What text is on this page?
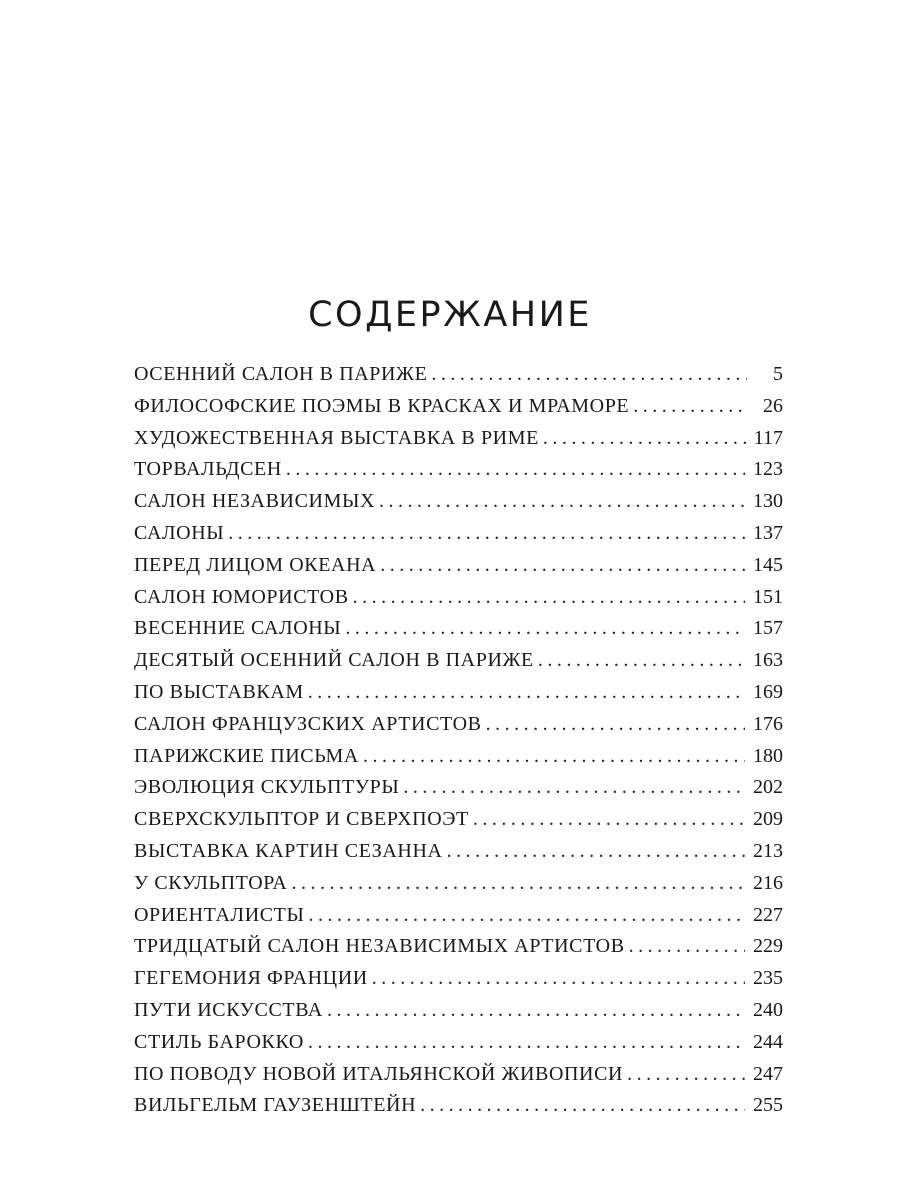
СОДЕРЖАНИЕ
ОСЕННИЙ САЛОН В ПАРИЖЕ . . .	5
ФИЛОСОФСКИЕ ПОЭМЫ В КРАСКАХ И МРАМОРЕ . . .	26
ХУДОЖЕСТВЕННАЯ ВЫСТАВКА В РИМЕ . . .	117
ТОРВАЛЬДСЕН . . .	123
САЛОН НЕЗАВИСИМЫХ . . .	130
САЛОНЫ . . .	137
ПЕРЕД ЛИЦОМ ОКЕАНА . . .	145
САЛОН ЮМОРИСТОВ . . .	151
ВЕСЕННИЕ САЛОНЫ . . .	157
ДЕСЯТЫЙ ОСЕННИЙ САЛОН В ПАРИЖЕ . . .	163
ПО ВЫСТАВКАМ . . .	169
САЛОН ФРАНЦУЗСКИХ АРТИСТОВ . . .	176
ПАРИЖСКИЕ ПИСЬМА . . .	180
ЭВОЛЮЦИЯ СКУЛЬПТУРЫ . . .	202
СВЕРХСКУЛЬПТОР И СВЕРХПОЭТ . . .	209
ВЫСТАВКА КАРТИН СЕЗАННА . . .	213
У СКУЛЬПТОРА . . .	216
ОРИЕНТАЛИСТЫ . . .	227
ТРИДЦАТЫЙ САЛОН НЕЗАВИСИМЫХ АРТИСТОВ . . .	229
ГЕГЕМОНИЯ ФРАНЦИИ . . .	235
ПУТИ ИСКУССТВА . . .	240
СТИЛЬ БАРОККО . . .	244
ПО ПОВОДУ НОВОЙ ИТАЛЬЯНСКОЙ ЖИВОПИСИ . . .	247
ВИЛЬГЕЛЬМ ГАУЗЕНШТЕЙН . . .	255
